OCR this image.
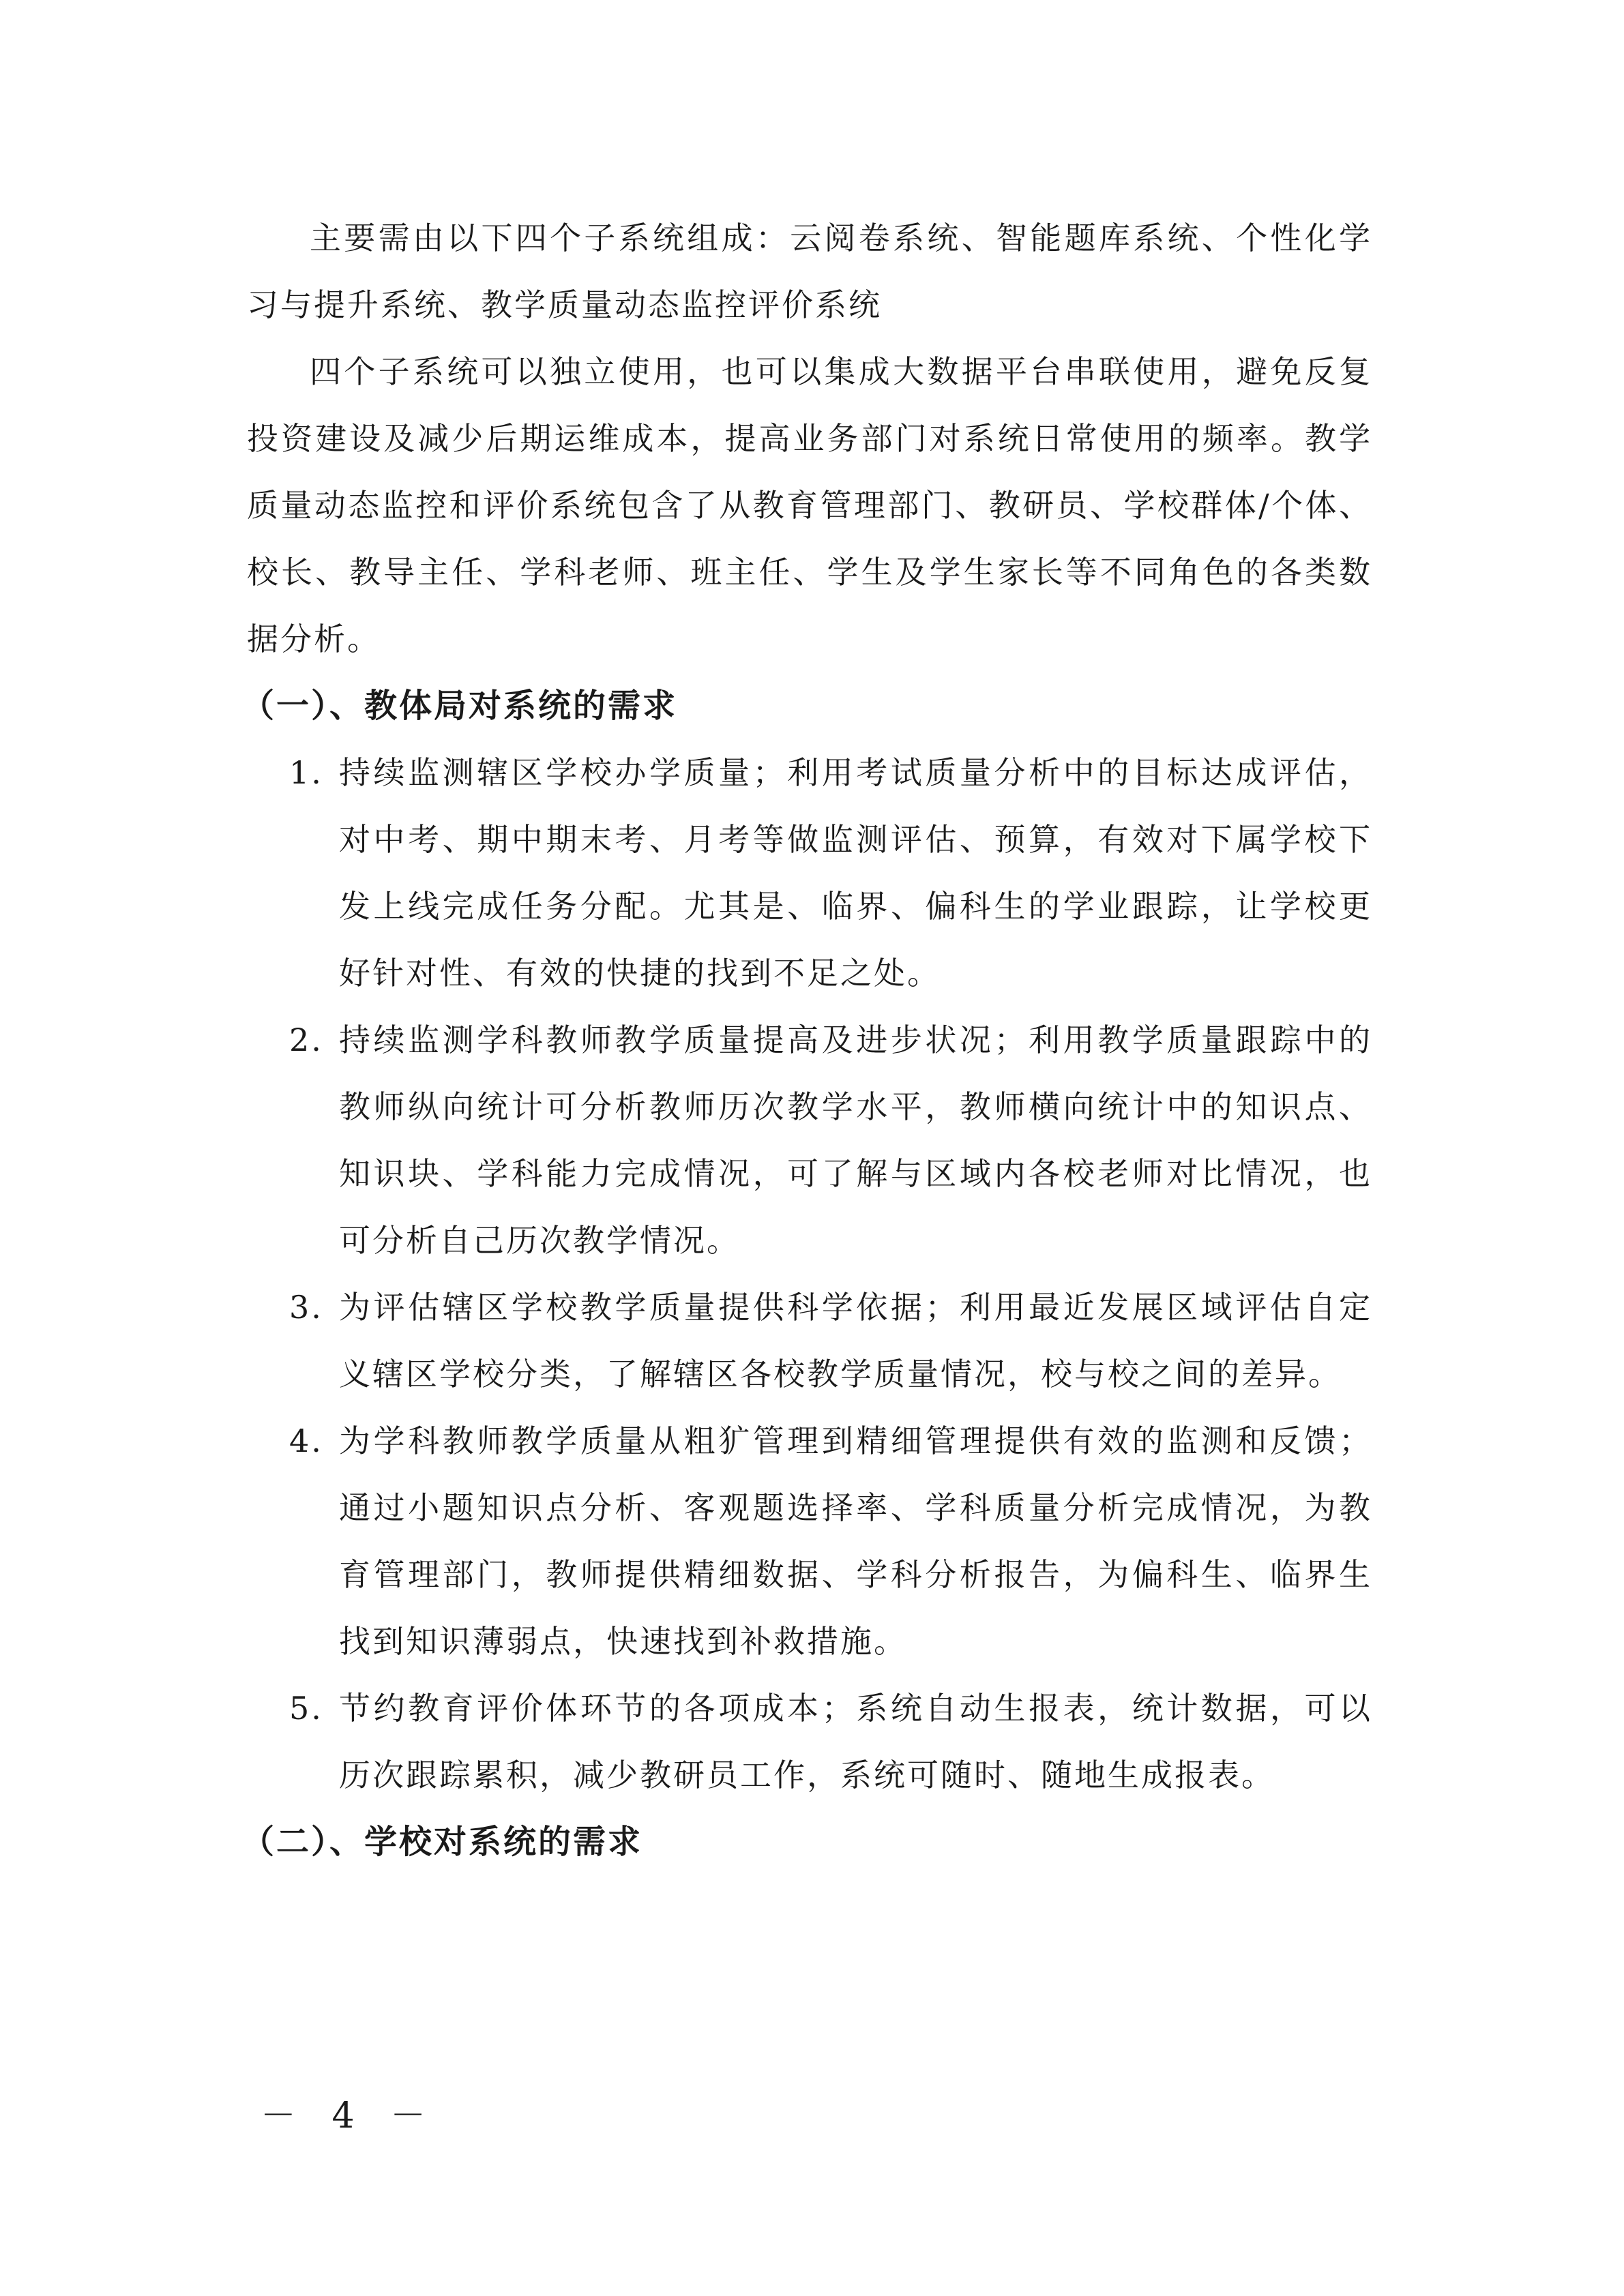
主要需由以下四个子系统组成：云阅卷系统、智能题库系统、个性化学习与提升系统、教学质量动态监控评价系统

四个子系统可以独立使用，也可以集成大数据平台串联使用，避免反复投资建设及减少后期运维成本，提高业务部门对系统日常使用的频率。教学质量动态监控和评价系统包含了从教育管理部门、教研员、学校群体/个体、校长、教导主任、学科老师、班主任、学生及学生家长等不同角色的各类数据分析。

（一）、教体局对系统的需求
1. 持续监测辖区学校办学质量；利用考试质量分析中的目标达成评估，对中考、期中期末考、月考等做监测评估、预算，有效对下属学校下发上线完成任务分配。尤其是、临界、偏科生的学业跟踪，让学校更好针对性、有效的快捷的找到不足之处。
2. 持续监测学科教师教学质量提高及进步状况；利用教学质量跟踪中的教师纵向统计可分析教师历次教学水平，教师横向统计中的知识点、知识块、学科能力完成情况，可了解与区域内各校老师对比情况，也可分析自己历次教学情况。
3. 为评估辖区学校教学质量提供科学依据；利用最近发展区域评估自定义辖区学校分类，了解辖区各校教学质量情况，校与校之间的差异。
4. 为学科教师教学质量从粗犷管理到精细管理提供有效的监测和反馈；通过小题知识点分析、客观题选择率、学科质量分析完成情况，为教育管理部门，教师提供精细数据、学科分析报告，为偏科生、临界生找到知识薄弱点，快速找到补救措施。
5. 节约教育评价体环节的各项成本；系统自动生报表，统计数据，可以历次跟踪累积，减少教研员工作，系统可随时、随地生成报表。
（二）、学校对系统的需求
－ 4 －
